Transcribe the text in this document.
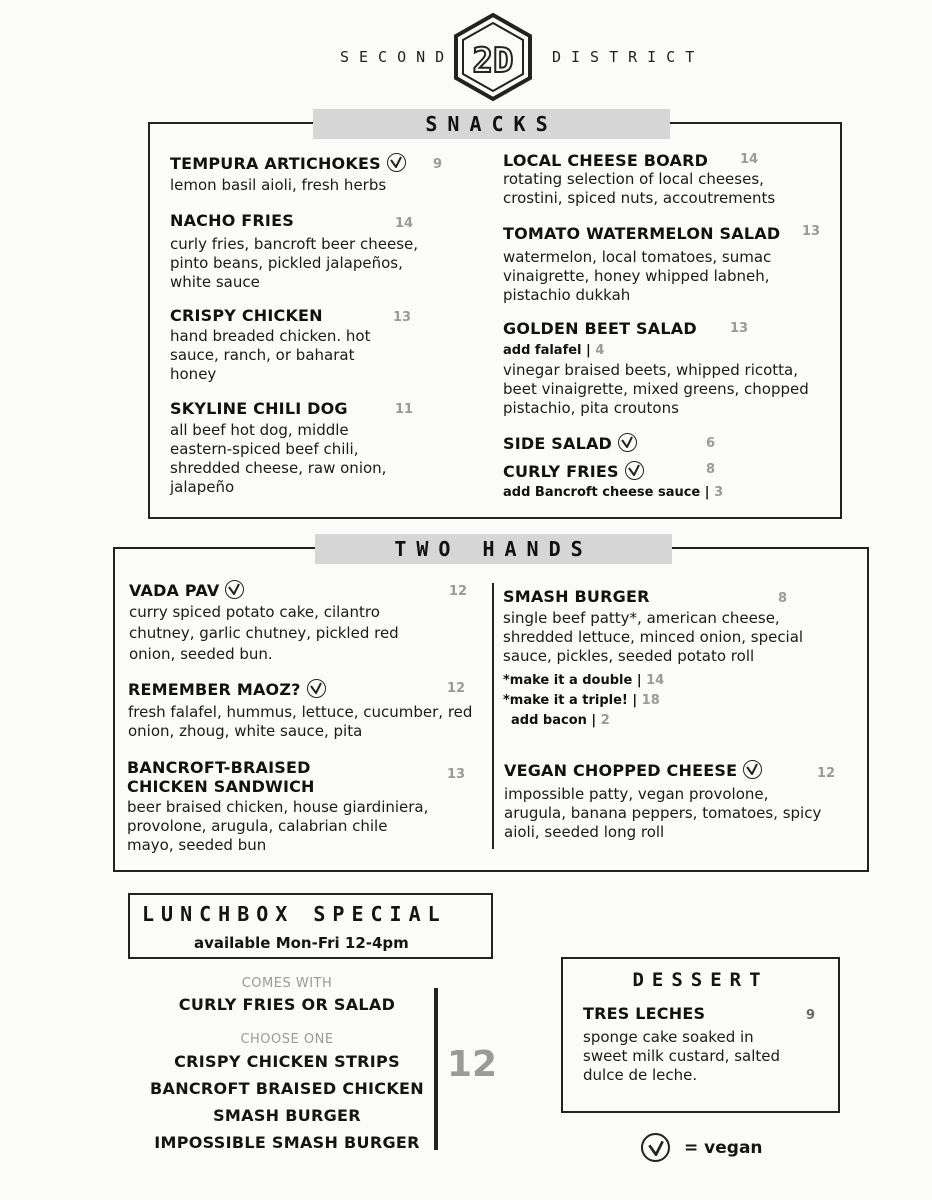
SECOND 2D	DISTRICT
SNACKS
TEMPURA ARTICHOKES
lemon basil aioli, fresh herbs
9
NACHO FRIES
curly fries, bancroft beer cheese, pinto beans, pickled jalapeños, white sauce
14
CRISPY CHICKEN
hand breaded chicken. hot sauce, ranch, or baharat honey
13
SKYLINE CHILI DOG
all beef hot dog, middle eastern-spiced beef chili, shredded cheese, raw onion, jalapeño
11
LOCAL CHEESE BOARD
rotating selection of local cheeses, crostini, spiced nuts, accoutrements
14
TOMATO WATERMELON SALAD
watermelon, local tomatoes, sumac vinaigrette, honey whipped labneh, pistachio dukkah
13
GOLDEN BEET SALAD
add falafel | 4
vinegar braised beets, whipped ricotta, beet vinaigrette, mixed greens, chopped pistachio, pita croutons
13
SIDE SALAD	6
CURLY FRIES
add Bancroft cheese sauce | 3
8
TWO HANDS
VADA PAV
curry spiced potato cake, cilantro chutney, garlic chutney, pickled red onion, seeded bun.
12
REMEMBER MAOZ?
fresh falafel, hummus, lettuce, cucumber, red onion, zhoug, white sauce, pita
12
BANCROFT-BRAISED CHICKEN SANDWICH
beer braised chicken, house giardiniera, provolone, arugula, calabrian chile mayo, seeded bun
13
SMASH BURGER
single beef patty*, american cheese, shredded lettuce, minced onion, special sauce, pickles, seeded potato roll
*make it a double | 14
*make it a triple! | 18
add bacon | 2
8
VEGAN CHOPPED CHEESE
impossible patty, vegan provolone, arugula, banana peppers, tomatoes, spicy aioli, seeded long roll
12
LUNCHBOX SPECIAL
available Mon-Fri 12-4pm
COMES WITH
CURLY FRIES OR SALAD
CHOOSE ONE
CRISPY CHICKEN STRIPS
BANCROFT BRAISED CHICKEN
SMASH BURGER
IMPOSSIBLE SMASH BURGER
12
DESSERT
TRES LECHES
sponge cake soaked in sweet milk custard, salted dulce de leche.
9
= vegan
